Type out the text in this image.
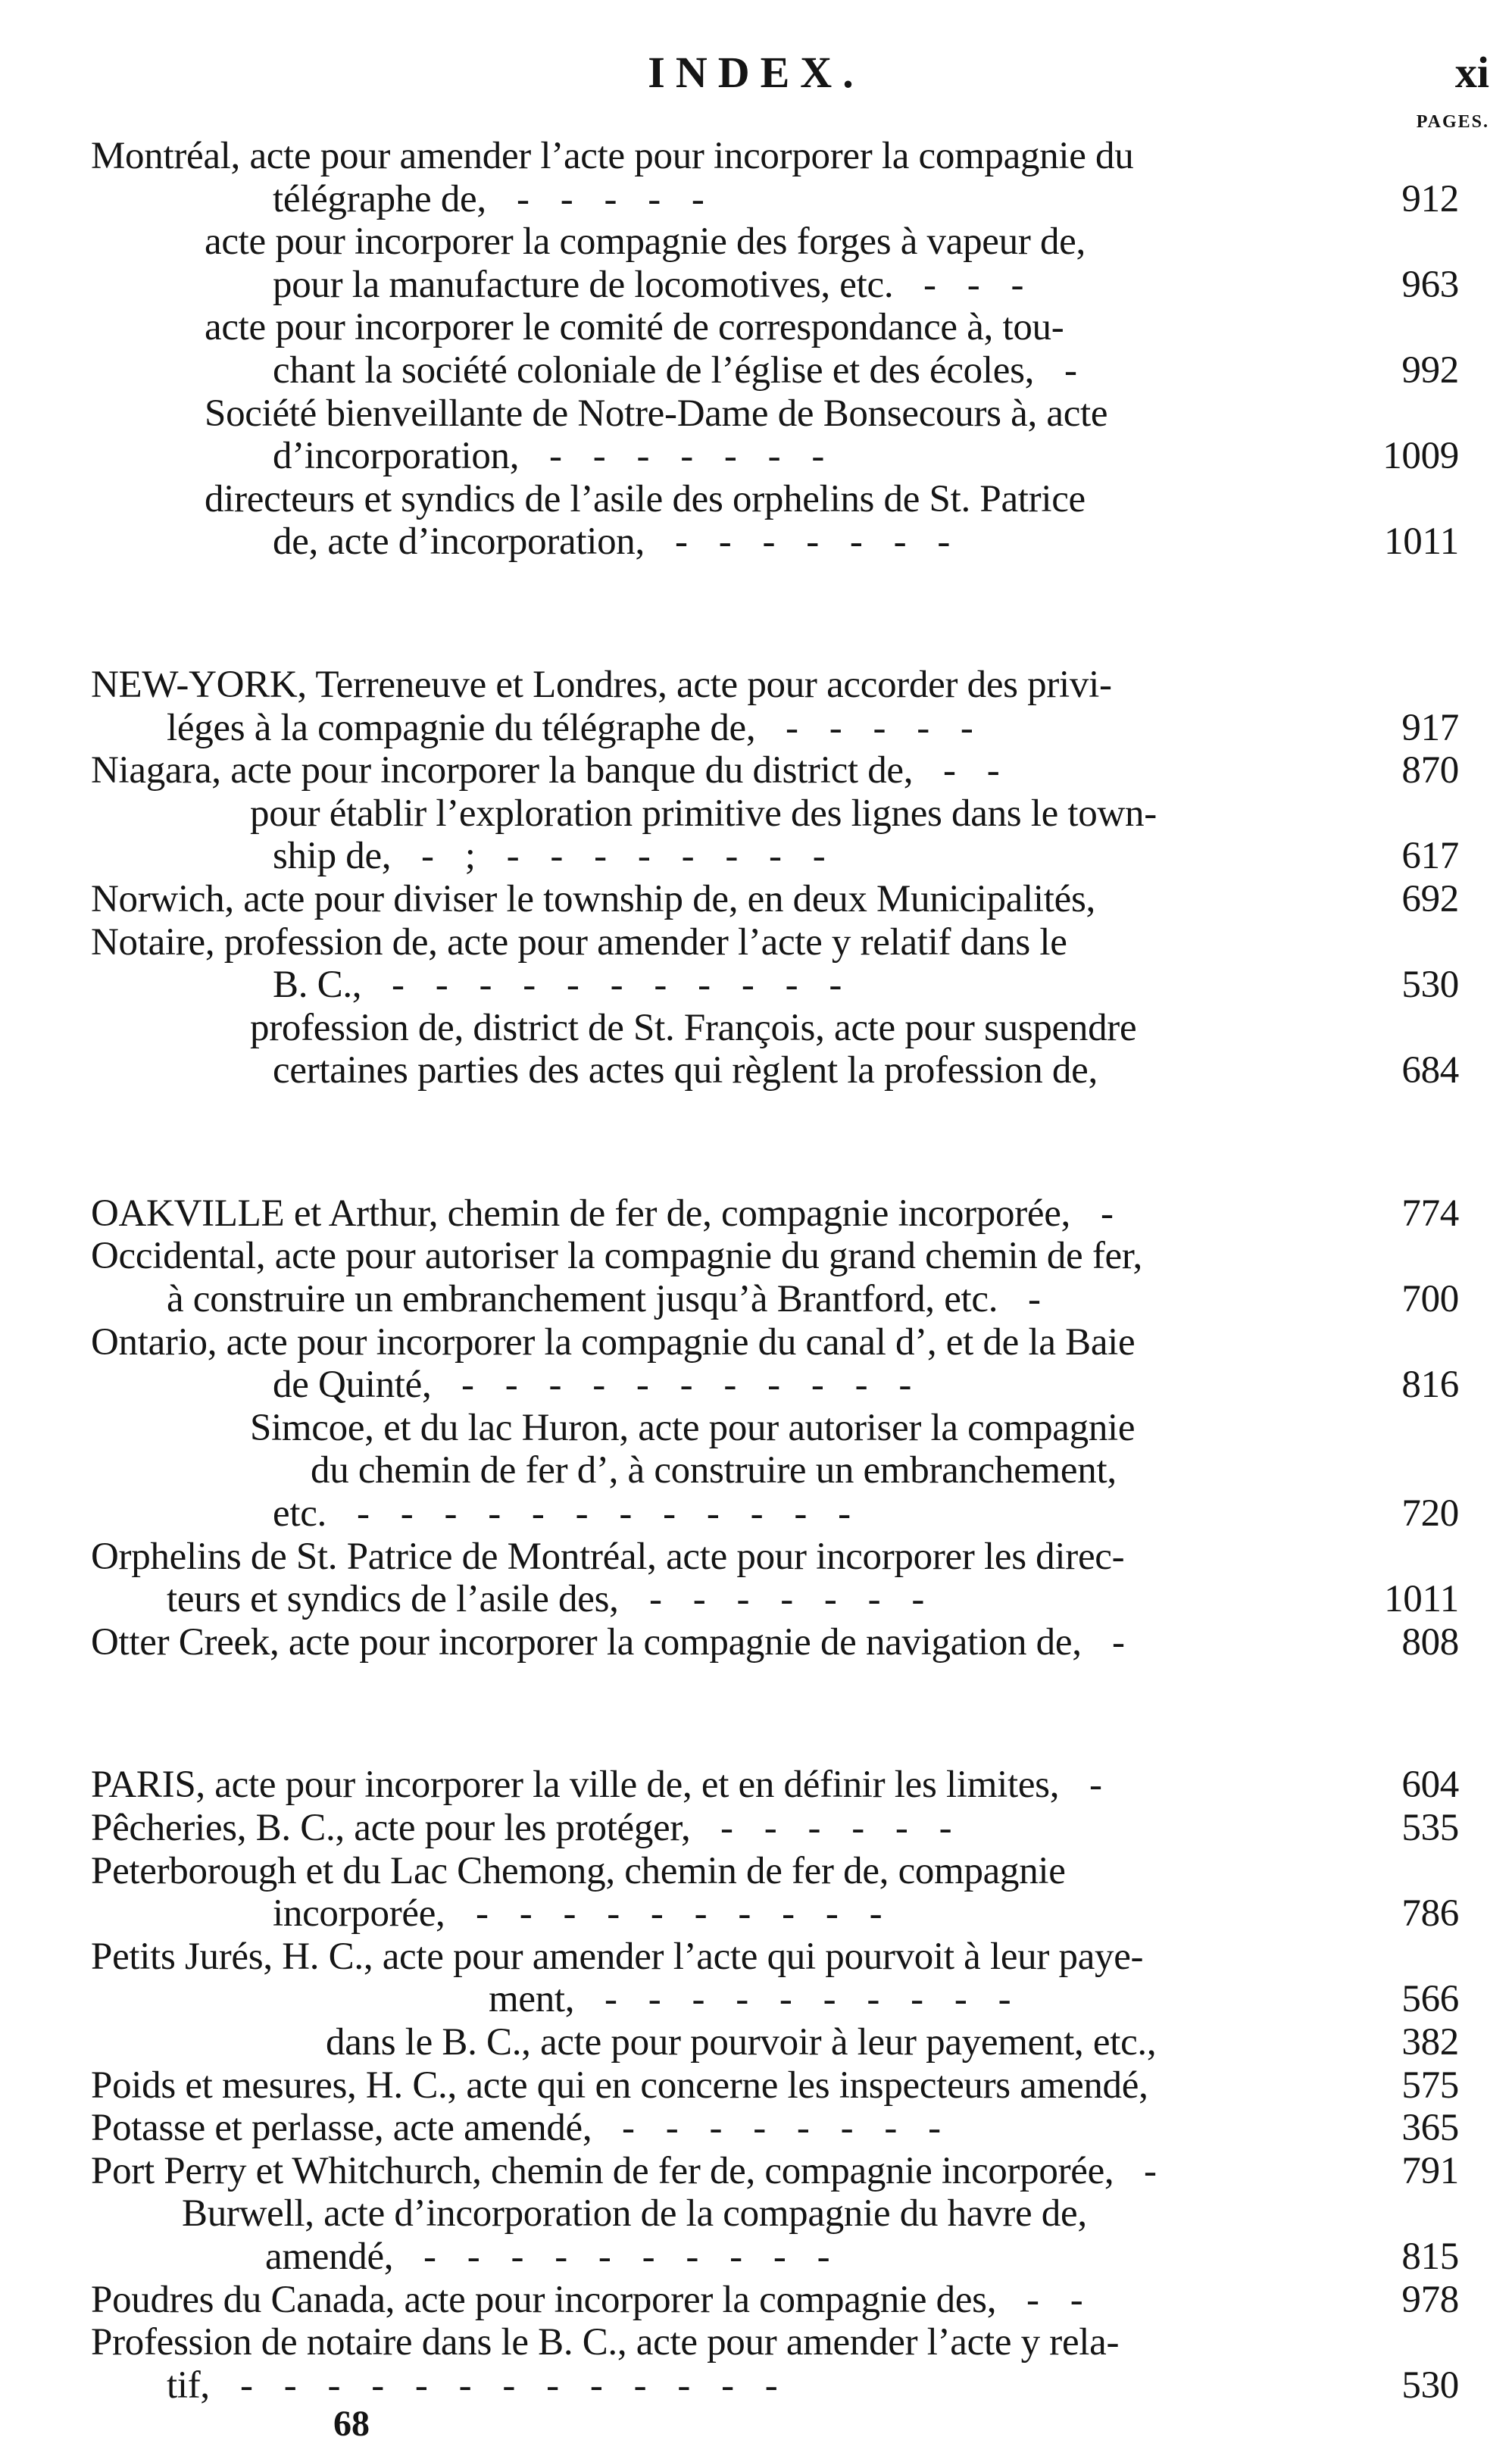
INDEX.	xi
PAGES.
Montréal, acte pour amender l’acte pour incorporer la compagnie du
télégraphe de, - - - - -	912
acte pour incorporer la compagnie des forges à vapeur de,
pour la manufacture de locomotives, etc. - - -	963
acte pour incorporer le comité de correspondance à, tou-
chant la société coloniale de l’église et des écoles, -	992
Société bienveillante de Notre-Dame de Bonsecours à, acte
d’incorporation, - - - - - - -	1009
directeurs et syndics de l’asile des orphelins de St. Patrice
de, acte d’incorporation, - - - - - - -	1011
NEW-YORK, Terreneuve et Londres, acte pour accorder des privi-
léges à la compagnie du télégraphe de, - - - - -	917
Niagara, acte pour incorporer la banque du district de, - -	870
pour établir l’exploration primitive des lignes dans le town-
ship de, - ; - - - - - - - -	617
Norwich, acte pour diviser le township de, en deux Municipalités,	692
Notaire, profession de, acte pour amender l’acte y relatif dans le
B. C., - - - - - - - - - - -	530
profession de, district de St. François, acte pour suspendre
certaines parties des actes qui règlent la profession de,	684
OAKVILLE et Arthur, chemin de fer de, compagnie incorporée, -	774
Occidental, acte pour autoriser la compagnie du grand chemin de fer,
à construire un embranchement jusqu’à Brantford, etc. -	700
Ontario, acte pour incorporer la compagnie du canal d’, et de la Baie
de Quinté, - - - - - - - - - - -	816
Simcoe, et du lac Huron, acte pour autoriser la compagnie
du chemin de fer d’, à construire un embranchement,
etc. - - - - - - - - - - - -	720
Orphelins de St. Patrice de Montréal, acte pour incorporer les direc-
teurs et syndics de l’asile des, - - - - - - -	1011
Otter Creek, acte pour incorporer la compagnie de navigation de, -	808
PARIS, acte pour incorporer la ville de, et en définir les limites, -	604
Pêcheries, B. C., acte pour les protéger, - - - - - -	535
Peterborough et du Lac Chemong, chemin de fer de, compagnie
incorporée, - - - - - - - - - -	786
Petits Jurés, H. C., acte pour amender l’acte qui pourvoit à leur paye-
ment, - - - - - - - - - -	566
dans le B. C., acte pour pourvoir à leur payement, etc.,	382
Poids et mesures, H. C., acte qui en concerne les inspecteurs amendé,	575
Potasse et perlasse, acte amendé, - - - - - - - -	365
Port Perry et Whitchurch, chemin de fer de, compagnie incorporée, -	791
Burwell, acte d’incorporation de la compagnie du havre de,
amendé, - - - - - - - - - -	815
Poudres du Canada, acte pour incorporer la compagnie des, - -	978
Profession de notaire dans le B. C., acte pour amender l’acte y rela-
tif, - - - - - - - - - - - - -	530
68
